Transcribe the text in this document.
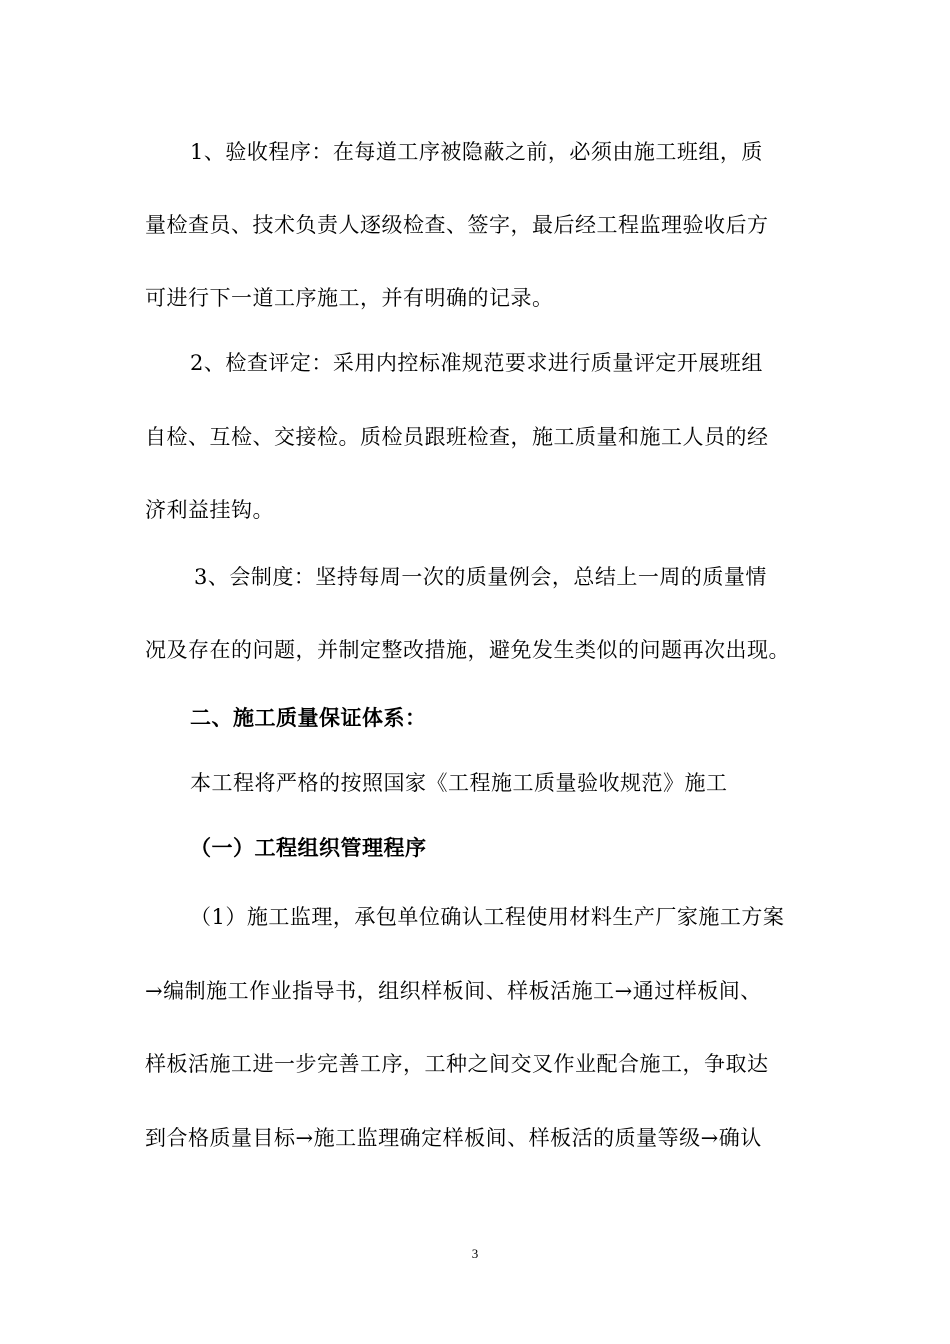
1、验收程序：在每道工序被隐蔽之前，必须由施工班组，质
量检查员、技术负责人逐级检查、签字，最后经工程监理验收后方
可进行下一道工序施工，并有明确的记录。
2、检查评定：采用内控标准规范要求进行质量评定开展班组
自检、互检、交接检。质检员跟班检查，施工质量和施工人员的经
济利益挂钩。
3、会制度：坚持每周一次的质量例会，总结上一周的质量情
况及存在的问题，并制定整改措施，避免发生类似的问题再次出现。
二、施工质量保证体系：
本工程将严格的按照国家《工程施工质量验收规范》施工
（一）工程组织管理程序
（1）施工监理，承包单位确认工程使用材料生产厂家施工方案
→编制施工作业指导书，组织样板间、样板活施工→通过样板间、
样板活施工进一步完善工序，工种之间交叉作业配合施工，争取达
到合格质量目标→施工监理确定样板间、样板活的质量等级→确认
3
